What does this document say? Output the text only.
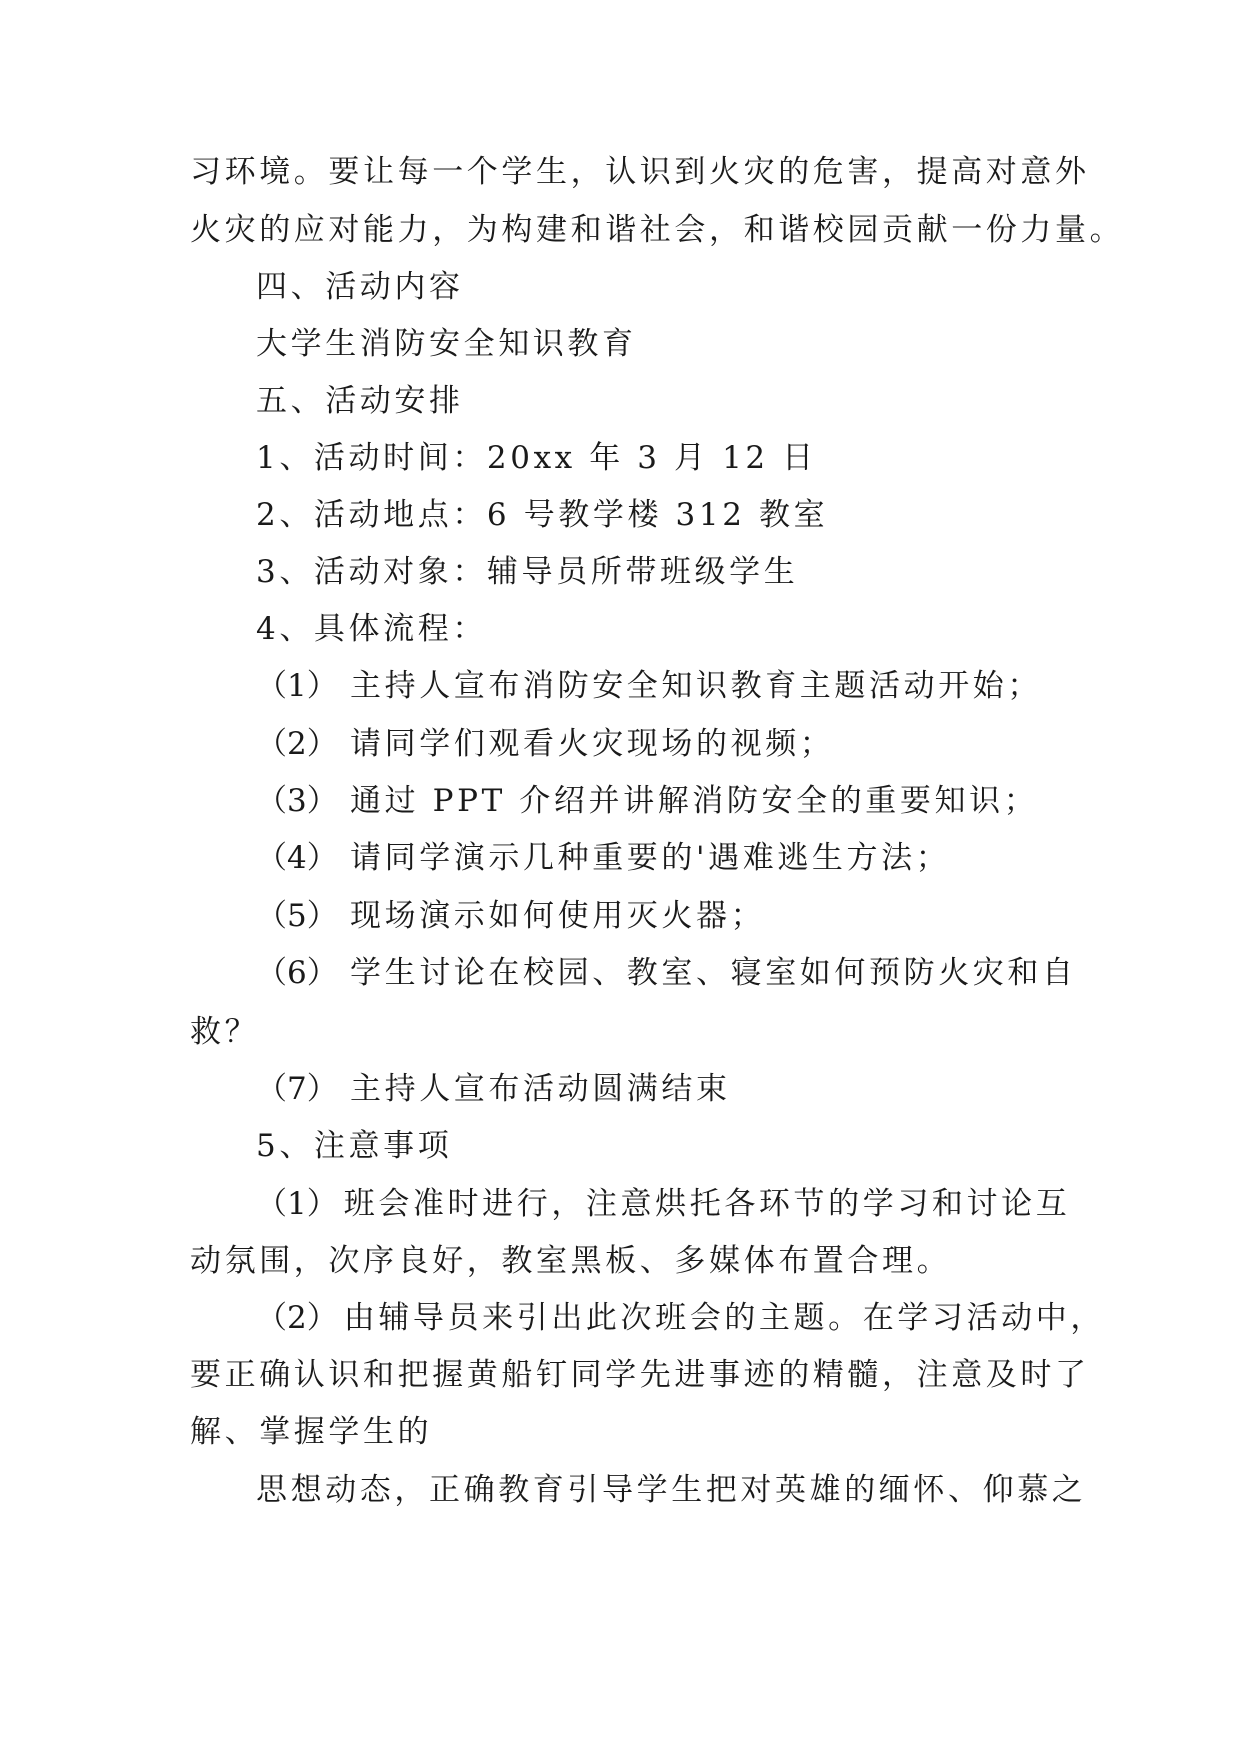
习环境。要让每一个学生，认识到火灾的危害，提高对意外
火灾的应对能力，为构建和谐社会，和谐校园贡献一份力量。
四、活动内容
大学生消防安全知识教育
五、活动安排
1、活动时间：20xx 年 3 月 12 日
2、活动地点：6 号教学楼 312 教室
3、活动对象：辅导员所带班级学生
4、具体流程：
（1） 主持人宣布消防安全知识教育主题活动开始；
（2） 请同学们观看火灾现场的视频；
（3） 通过 PPT 介绍并讲解消防安全的重要知识；
（4） 请同学演示几种重要的'遇难逃生方法；
（5） 现场演示如何使用灭火器；
（6） 学生讨论在校园、教室、寝室如何预防火灾和自
救？
（7） 主持人宣布活动圆满结束
5、注意事项
（1） 班会准时进行，注意烘托各环节的学习和讨论互
动氛围，次序良好，教室黑板、多媒体布置合理。
（2） 由辅导员来引出此次班会的主题。在学习活动中，
要正确认识和把握黄船钉同学先进事迹的精髓，注意及时了
解、掌握学生的
思想动态，正确教育引导学生把对英雄的缅怀、仰慕之
